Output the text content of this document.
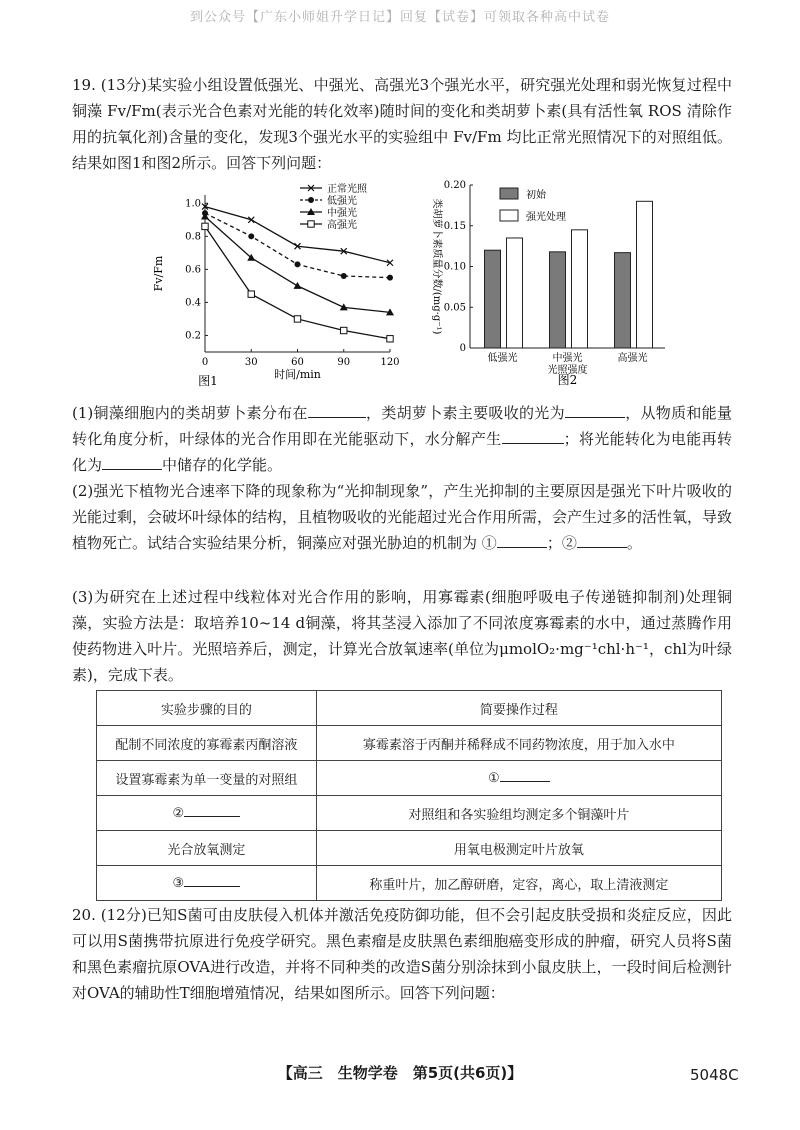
到公众号【广东小师姐升学日记】回复【试卷】可领取各种高中试卷
19. (13分)某实验小组设置低强光、中强光、高强光3个强光水平，研究强光处理和弱光恢复过程中铜藻 Fv/Fm(表示光合色素对光能的转化效率)随时间的变化和类胡萝卜素(具有活性氧 ROS 清除作用的抗氧化剂)含量的变化，发现3个强光水平的实验组中 Fv/Fm 均比正常光照情况下的对照组低。结果如图1和图2所示。回答下列问题：
0	30	60	90	120
0.2
0.4
0.6
0.8
1.0
时间/min
Fv/Fm
正常光照
低强光
中强光
高强光
图1
0
0.05
0.10
0.15
0.20
类胡萝卜素质量分数/(mg·g⁻¹)
低强光	中强光	高强光
光照强度
初始
强光处理
图2
(1)铜藻细胞内的类胡萝卜素分布在	，类胡萝卜素主要吸收的光为	，从物质和能量转化角度分析，叶绿体的光合作用即在光能驱动下，水分解产生	；将光能转化为电能再转化为	中储存的化学能。
(2)强光下植物光合速率下降的现象称为“光抑制现象”，产生光抑制的主要原因是强光下叶片吸收的光能过剩，会破坏叶绿体的结构，且植物吸收的光能超过光合作用所需，会产生过多的活性氧，导致植物死亡。试结合实验结果分析，铜藻应对强光胁迫的机制为 ①	；②	。
(3)为研究在上述过程中线粒体对光合作用的影响，用寡霉素(细胞呼吸电子传递链抑制剂)处理铜藻，实验方法是：取培养10~14 d铜藻，将其茎浸入添加了不同浓度寡霉素的水中，通过蒸腾作用使药物进入叶片。光照培养后，测定，计算光合放氧速率(单位为μmolO₂·mg⁻¹chl·h⁻¹，chl为叶绿素)，完成下表。
实验步骤的目的	简要操作过程
配制不同浓度的寡霉素丙酮溶液	寡霉素溶于丙酮并稀释成不同药物浓度，用于加入水中
设置寡霉素为单一变量的对照组	①
②	对照组和各实验组均测定多个铜藻叶片
光合放氧测定	用氧电极测定叶片放氧
③	称重叶片，加乙醇研磨，定容，离心，取上清液测定
20. (12分)已知S菌可由皮肤侵入机体并激活免疫防御功能，但不会引起皮肤受损和炎症反应，因此可以用S菌携带抗原进行免疫学研究。黑色素瘤是皮肤黑色素细胞癌变形成的肿瘤，研究人员将S菌和黑色素瘤抗原OVA进行改造，并将不同种类的改造S菌分别涂抹到小鼠皮肤上，一段时间后检测针对OVA的辅助性T细胞增殖情况，结果如图所示。回答下列问题：
【高三　生物学卷　第5页(共6页)】	5048C
